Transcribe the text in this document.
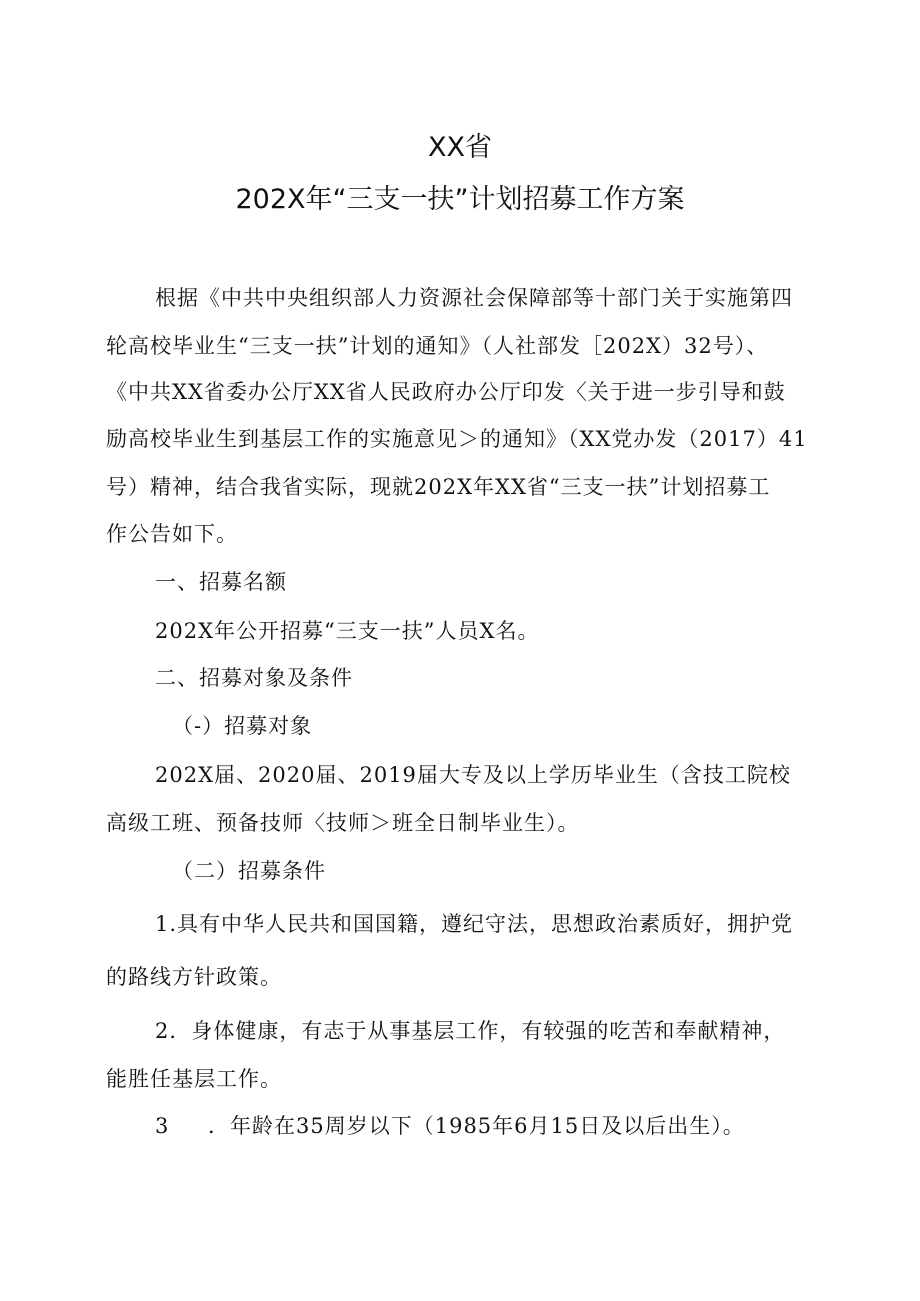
XX省
202X年“三支一扶”计划招募工作方案
根据《中共中央组织部人力资源社会保障部等十部门关于实施第四
轮高校毕业生“三支一扶”计划的通知》（人社部发［202X）32号）、
《中共XX省委办公厅XX省人民政府办公厅印发〈关于进一步引导和鼓
励高校毕业生到基层工作的实施意见＞的通知》（XX党办发（2017）41
号）精神，结合我省实际，现就202X年XX省“三支一扶”计划招募工
作公告如下。
一、招募名额
202X年公开招募“三支一扶”人员X名。
二、招募对象及条件
（-）招募对象
202X届、2020届、2019届大专及以上学历毕业生（含技工院校
高级工班、预备技师〈技师＞班全日制毕业生）。
（二）招募条件
1.具有中华人民共和国国籍，遵纪守法，思想政治素质好，拥护党
的路线方针政策。
2．身体健康，有志于从事基层工作，有较强的吃苦和奉献精神，
能胜任基层工作。
3 ．年龄在35周岁以下（1985年6月15日及以后出生）。
